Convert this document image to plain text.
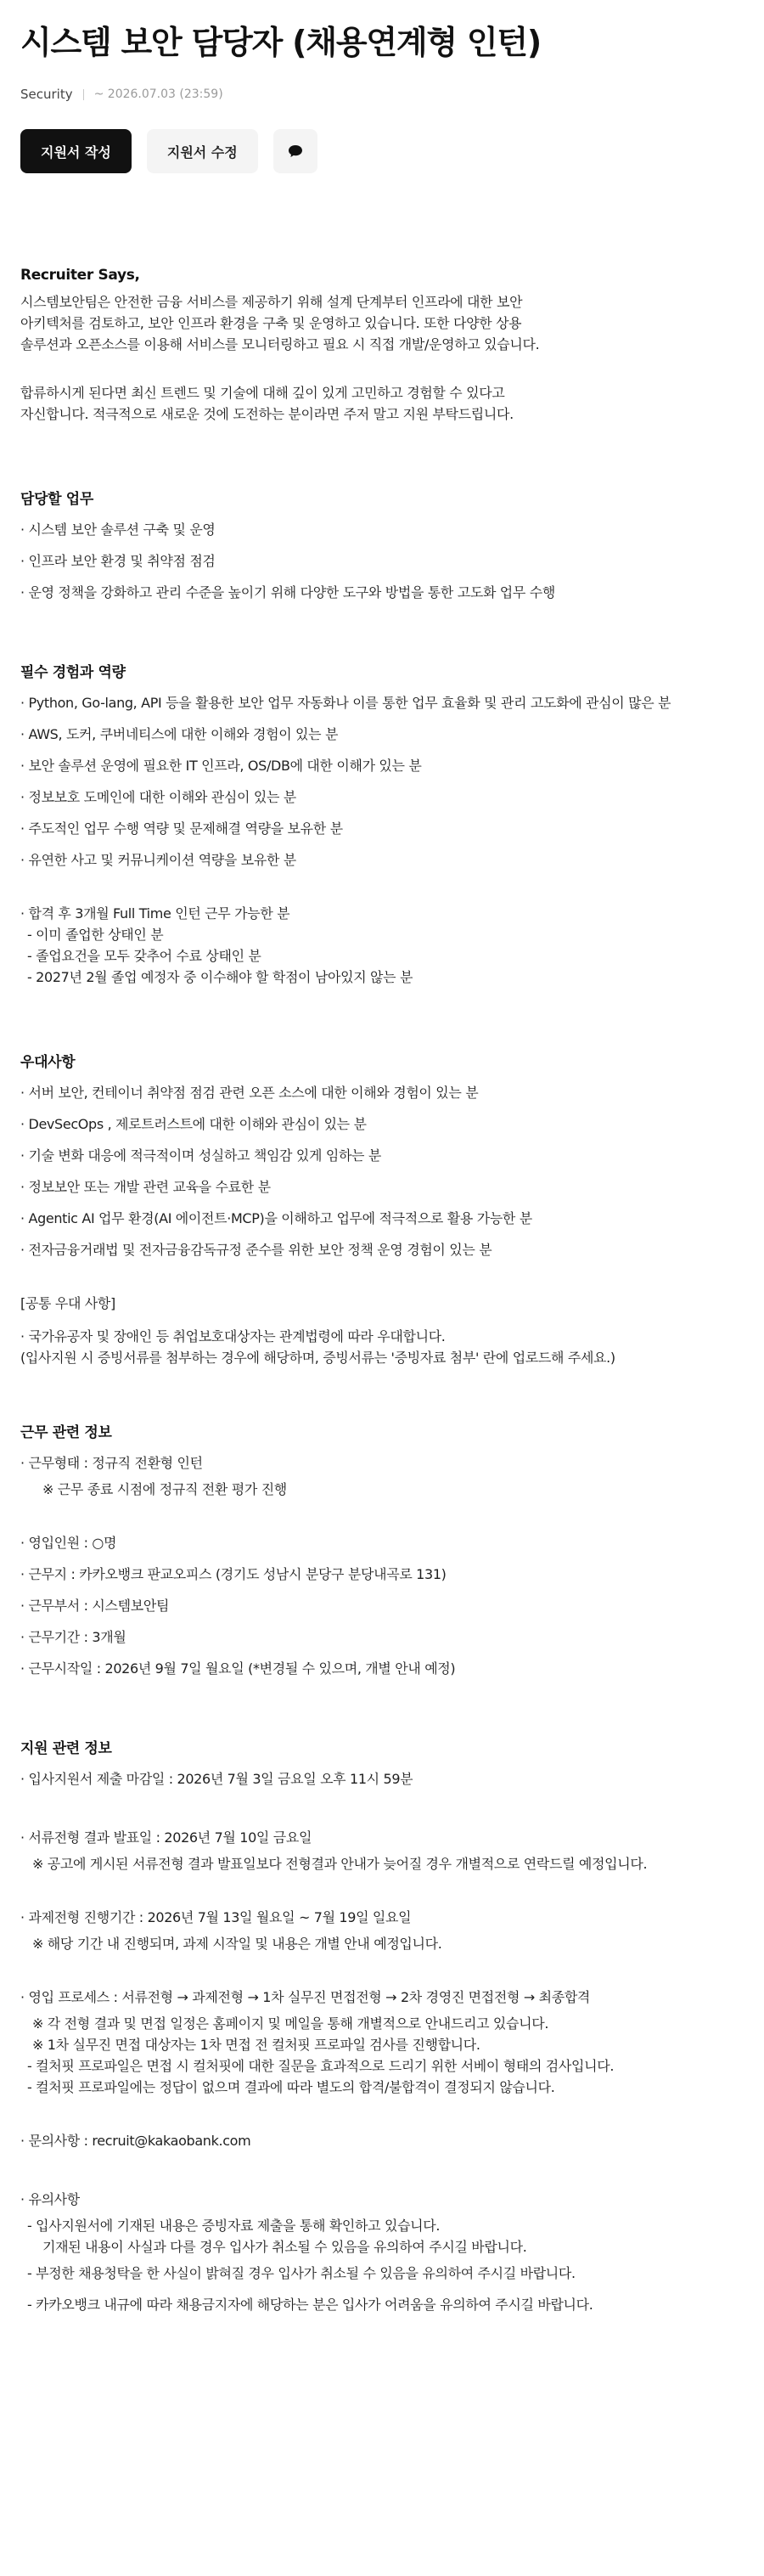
시스템 보안 담당자 (채용연계형 인턴)
Security ~ 2026.07.03 (23:59)
지원서 작성	지원서 수정
Recruiter Says,
시스템보안팀은 안전한 금융 서비스를 제공하기 위해 설계 단계부터 인프라에 대한 보안
아키텍처를 검토하고, 보안 인프라 환경을 구축 및 운영하고 있습니다. 또한 다양한 상용
솔루션과 오픈소스를 이용해 서비스를 모니터링하고 필요 시 직접 개발/운영하고 있습니다.
합류하시게 된다면 최신 트렌드 및 기술에 대해 깊이 있게 고민하고 경험할 수 있다고
자신합니다. 적극적으로 새로운 것에 도전하는 분이라면 주저 말고 지원 부탁드립니다.
담당할 업무
· 시스템 보안 솔루션 구축 및 운영
· 인프라 보안 환경 및 취약점 점검
· 운영 정책을 강화하고 관리 수준을 높이기 위해 다양한 도구와 방법을 통한 고도화 업무 수행
필수 경험과 역량
· Python, Go-lang, API 등을 활용한 보안 업무 자동화나 이를 통한 업무 효율화 및 관리 고도화에 관심이 많은 분
· AWS, 도커, 쿠버네티스에 대한 이해와 경험이 있는 분
· 보안 솔루션 운영에 필요한 IT 인프라, OS/DB에 대한 이해가 있는 분
· 정보보호 도메인에 대한 이해와 관심이 있는 분
· 주도적인 업무 수행 역량 및 문제해결 역량을 보유한 분
· 유연한 사고 및 커뮤니케이션 역량을 보유한 분
· 합격 후 3개월 Full Time 인턴 근무 가능한 분
- 이미 졸업한 상태인 분
- 졸업요건을 모두 갖추어 수료 상태인 분
- 2027년 2월 졸업 예정자 중 이수해야 할 학점이 남아있지 않는 분
우대사항
· 서버 보안, 컨테이너 취약점 점검 관련 오픈 소스에 대한 이해와 경험이 있는 분
· DevSecOps , 제로트러스트에 대한 이해와 관심이 있는 분
· 기술 변화 대응에 적극적이며 성실하고 책임감 있게 임하는 분
· 정보보안 또는 개발 관련 교육을 수료한 분
· Agentic AI 업무 환경(AI 에이전트·MCP)을 이해하고 업무에 적극적으로 활용 가능한 분
· 전자금융거래법 및 전자금융감독규정 준수를 위한 보안 정책 운영 경험이 있는 분
[공통 우대 사항]
· 국가유공자 및 장애인 등 취업보호대상자는 관계법령에 따라 우대합니다.
(입사지원 시 증빙서류를 첨부하는 경우에 해당하며, 증빙서류는 '증빙자료 첨부' 란에 업로드해 주세요.)
근무 관련 정보
· 근무형태 : 정규직 전환형 인턴
※ 근무 종료 시점에 정규직 전환 평가 진행
· 영입인원 : ○명
· 근무지 : 카카오뱅크 판교오피스 (경기도 성남시 분당구 분당내곡로 131)
· 근무부서 : 시스템보안팀
· 근무기간 : 3개월
· 근무시작일 : 2026년 9월 7일 월요일 (*변경될 수 있으며, 개별 안내 예정)
지원 관련 정보
· 입사지원서 제출 마감일 : 2026년 7월 3일 금요일 오후 11시 59분
· 서류전형 결과 발표일 : 2026년 7월 10일 금요일
※ 공고에 게시된 서류전형 결과 발표일보다 전형결과 안내가 늦어질 경우 개별적으로 연락드릴 예정입니다.
· 과제전형 진행기간 : 2026년 7월 13일 월요일 ~ 7월 19일 일요일
※ 해당 기간 내 진행되며, 과제 시작일 및 내용은 개별 안내 예정입니다.
· 영입 프로세스 : 서류전형 → 과제전형 → 1차 실무진 면접전형 → 2차 경영진 면접전형 → 최종합격
※ 각 전형 결과 및 면접 일정은 홈페이지 및 메일을 통해 개별적으로 안내드리고 있습니다.
※ 1차 실무진 면접 대상자는 1차 면접 전 컬처핏 프로파일 검사를 진행합니다.
- 컬처핏 프로파일은 면접 시 컬처핏에 대한 질문을 효과적으로 드리기 위한 서베이 형태의 검사입니다.
- 컬처핏 프로파일에는 정답이 없으며 결과에 따라 별도의 합격/불합격이 결정되지 않습니다.
· 문의사항 : recruit@kakaobank.com
· 유의사항
- 입사지원서에 기재된 내용은 증빙자료 제출을 통해 확인하고 있습니다.
기재된 내용이 사실과 다를 경우 입사가 취소될 수 있음을 유의하여 주시길 바랍니다.
- 부정한 채용청탁을 한 사실이 밝혀질 경우 입사가 취소될 수 있음을 유의하여 주시길 바랍니다.
- 카카오뱅크 내규에 따라 채용금지자에 해당하는 분은 입사가 어려움을 유의하여 주시길 바랍니다.
